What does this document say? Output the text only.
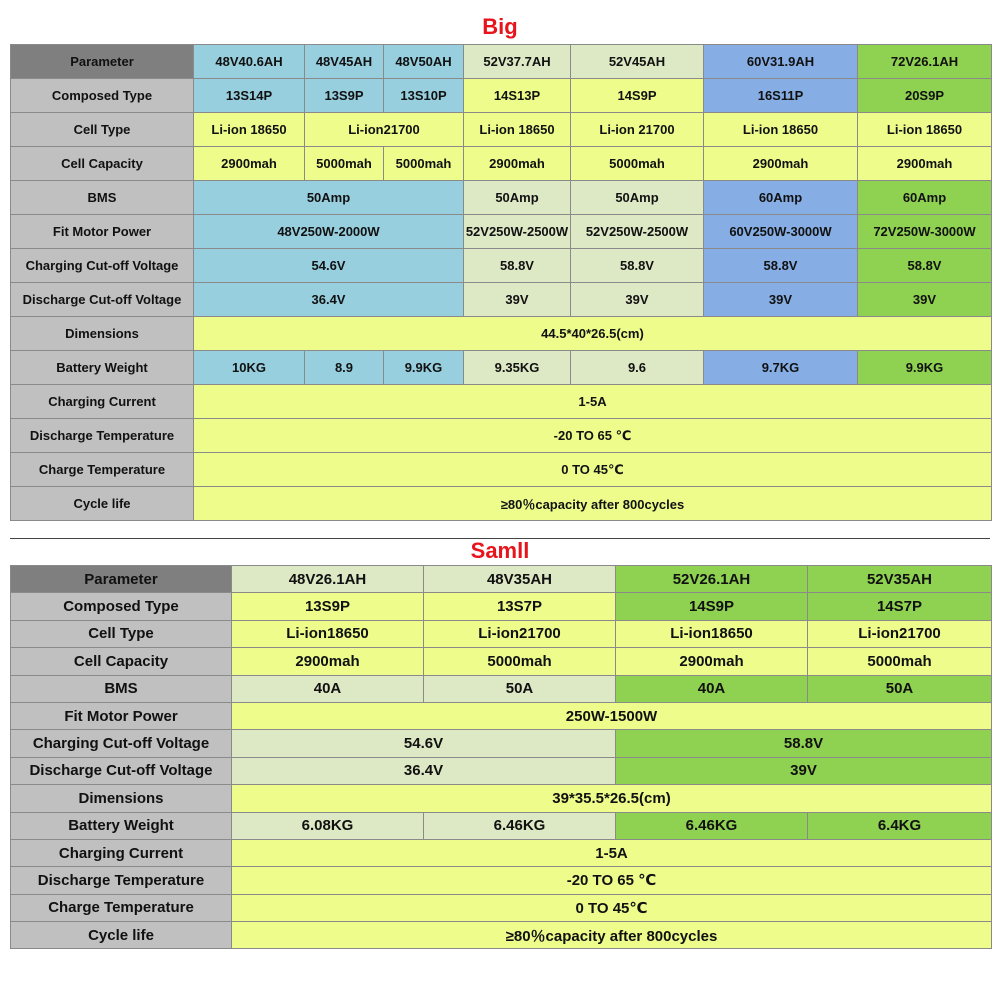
Big
Parameter	48V40.6AH	48V45AH	48V50AH	52V37.7AH	52V45AH	60V31.9AH	72V26.1AH
Composed Type	13S14P	13S9P	13S10P	14S13P	14S9P	16S11P	20S9P
Cell Type	Li-ion 18650	Li-ion21700		Li-ion 18650	Li-ion 21700	Li-ion 18650	Li-ion 18650
Cell Capacity	2900mah	5000mah	5000mah	2900mah	5000mah	2900mah	2900mah
BMS	50Amp			50Amp	50Amp	60Amp	60Amp
Fit Motor Power	48V250W-2000W			52V250W-2500W	52V250W-2500W	60V250W-3000W	72V250W-3000W
Charging Cut-off Voltage	54.6V			58.8V	58.8V	58.8V	58.8V
Discharge Cut-off Voltage	36.4V			39V	39V	39V	39V
Dimensions	44.5*40*26.5(cm)						
Battery Weight	10KG	8.9	9.9KG	9.35KG	9.6	9.7KG	9.9KG
Charging Current	1-5A						
Discharge Temperature	-20 TO 65 ℃						
Charge Temperature	0 TO 45℃						
Cycle life	≥80％capacity after 800cycles						
Samll
Parameter	48V26.1AH	48V35AH	52V26.1AH	52V35AH
Composed Type	13S9P	13S7P	14S9P	14S7P
Cell Type	Li-ion18650	Li-ion21700	Li-ion18650	Li-ion21700
Cell Capacity	2900mah	5000mah	2900mah	5000mah
BMS	40A	50A	40A	50A
Fit Motor Power	250W-1500W			
Charging Cut-off Voltage	54.6V		58.8V	
Discharge Cut-off Voltage	36.4V		39V	
Dimensions	39*35.5*26.5(cm)			
Battery Weight	6.08KG	6.46KG	6.46KG	6.4KG
Charging Current	1-5A			
Discharge Temperature	-20 TO 65 ℃			
Charge Temperature	0 TO 45℃			
Cycle life	≥80％capacity after 800cycles			
